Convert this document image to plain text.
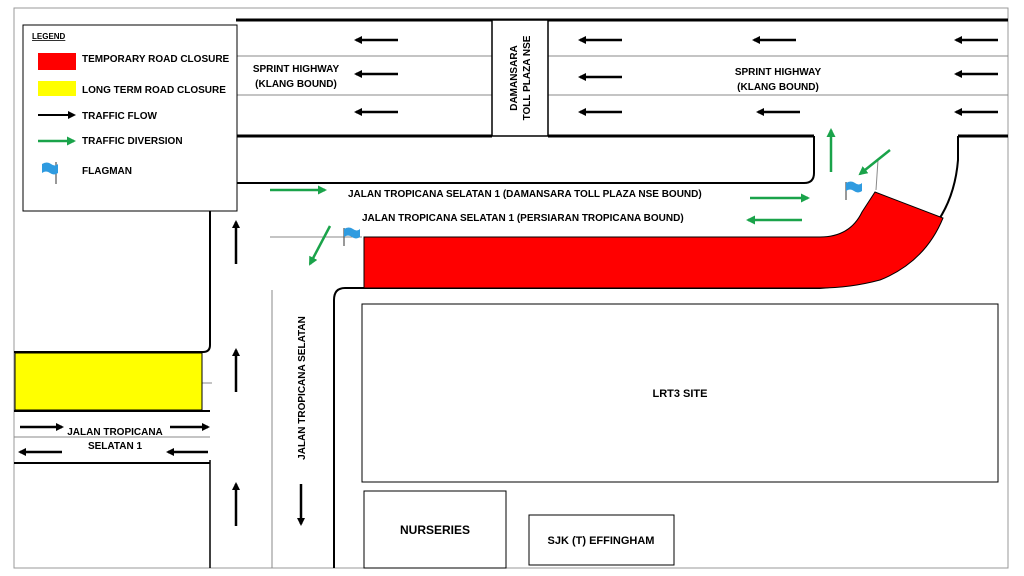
LEGEND
TEMPORARY ROAD CLOSURE
LONG TERM ROAD CLOSURE
TRAFFIC FLOW
TRAFFIC DIVERSION
FLAGMAN
SPRINT HIGHWAY
(KLANG BOUND)
SPRINT HIGHWAY
(KLANG BOUND)
DAMANSARA TOLL PLAZA NSE
JALAN TROPICANA SELATAN 1 (DAMANSARA TOLL PLAZA NSE BOUND)
JALAN TROPICANA SELATAN 1 (PERSIARAN TROPICANA BOUND)
JALAN TROPICANA SELATAN
JALAN TROPICANA
SELATAN 1
LRT3 SITE
NURSERIES
SJK (T) EFFINGHAM
